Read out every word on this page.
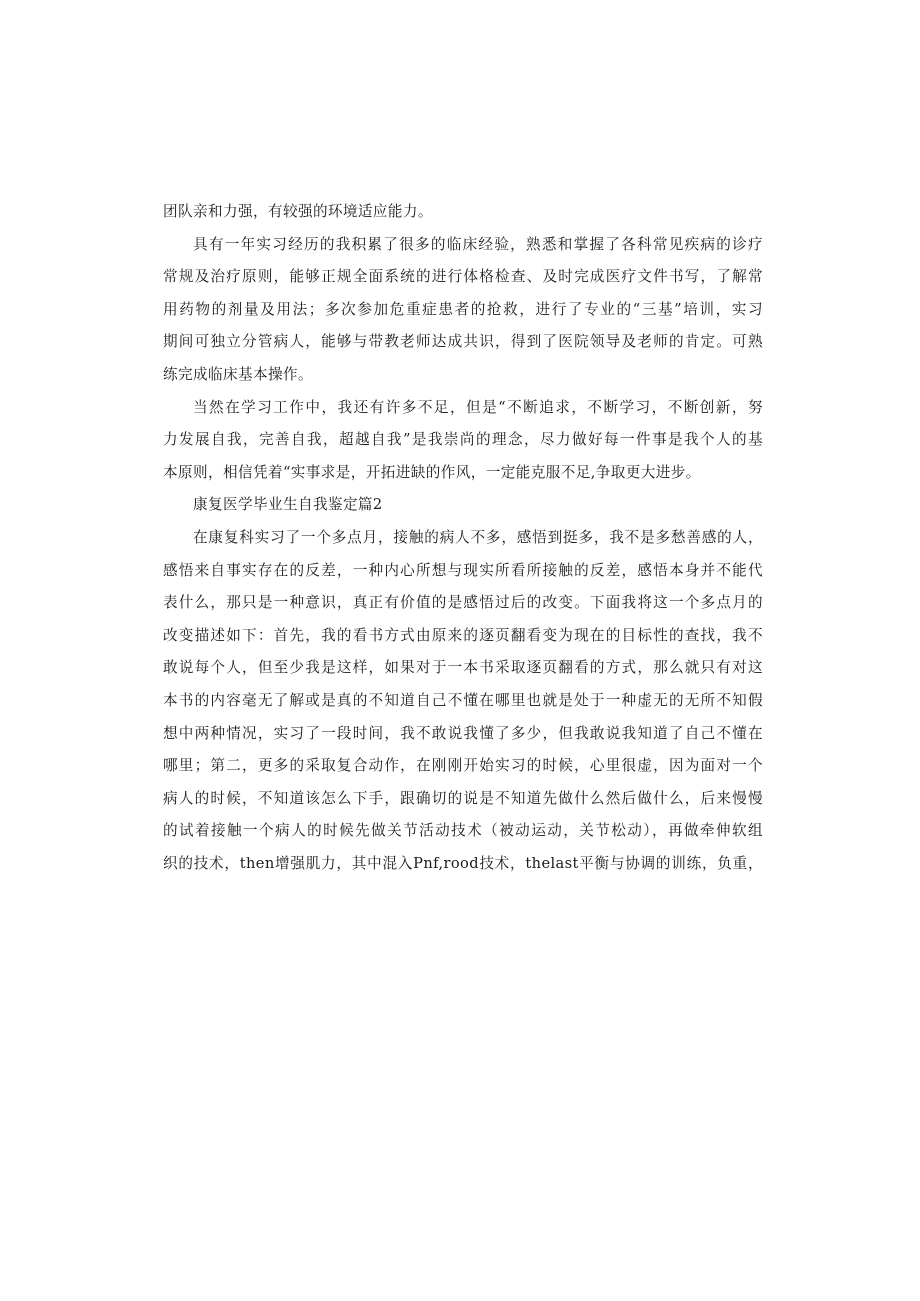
团队亲和力强，有较强的环境适应能力。
具有一年实习经历的我积累了很多的临床经验，熟悉和掌握了各科常见疾病的诊疗
常规及治疗原则，能够正规全面系统的进行体格检查、及时完成医疗文件书写，了解常
用药物的剂量及用法；多次参加危重症患者的抢救，进行了专业的“三基”培训，实习
期间可独立分管病人，能够与带教老师达成共识，得到了医院领导及老师的肯定。可熟
练完成临床基本操作。
当然在学习工作中，我还有许多不足，但是“不断追求，不断学习，不断创新，努
力发展自我，完善自我，超越自我”是我崇尚的理念，尽力做好每一件事是我个人的基
本原则，相信凭着“实事求是，开拓进缺的作风，一定能克服不足,争取更大进步。
康复医学毕业生自我鉴定篇2
在康复科实习了一个多点月，接触的病人不多，感悟到挺多，我不是多愁善感的人，
感悟来自事实存在的反差，一种内心所想与现实所看所接触的反差，感悟本身并不能代
表什么，那只是一种意识，真正有价值的是感悟过后的改变。下面我将这一个多点月的
改变描述如下：首先，我的看书方式由原来的逐页翻看变为现在的目标性的查找，我不
敢说每个人，但至少我是这样，如果对于一本书采取逐页翻看的方式，那么就只有对这
本书的内容毫无了解或是真的不知道自己不懂在哪里也就是处于一种虚无的无所不知假
想中两种情况，实习了一段时间，我不敢说我懂了多少，但我敢说我知道了自己不懂在
哪里；第二，更多的采取复合动作，在刚刚开始实习的时候，心里很虚，因为面对一个
病人的时候，不知道该怎么下手，跟确切的说是不知道先做什么然后做什么，后来慢慢
的试着接触一个病人的时候先做关节活动技术（被动运动，关节松动），再做牵伸软组
织的技术，then增强肌力，其中混入Pnf,rood技术，thelast平衡与协调的训练，负重，
